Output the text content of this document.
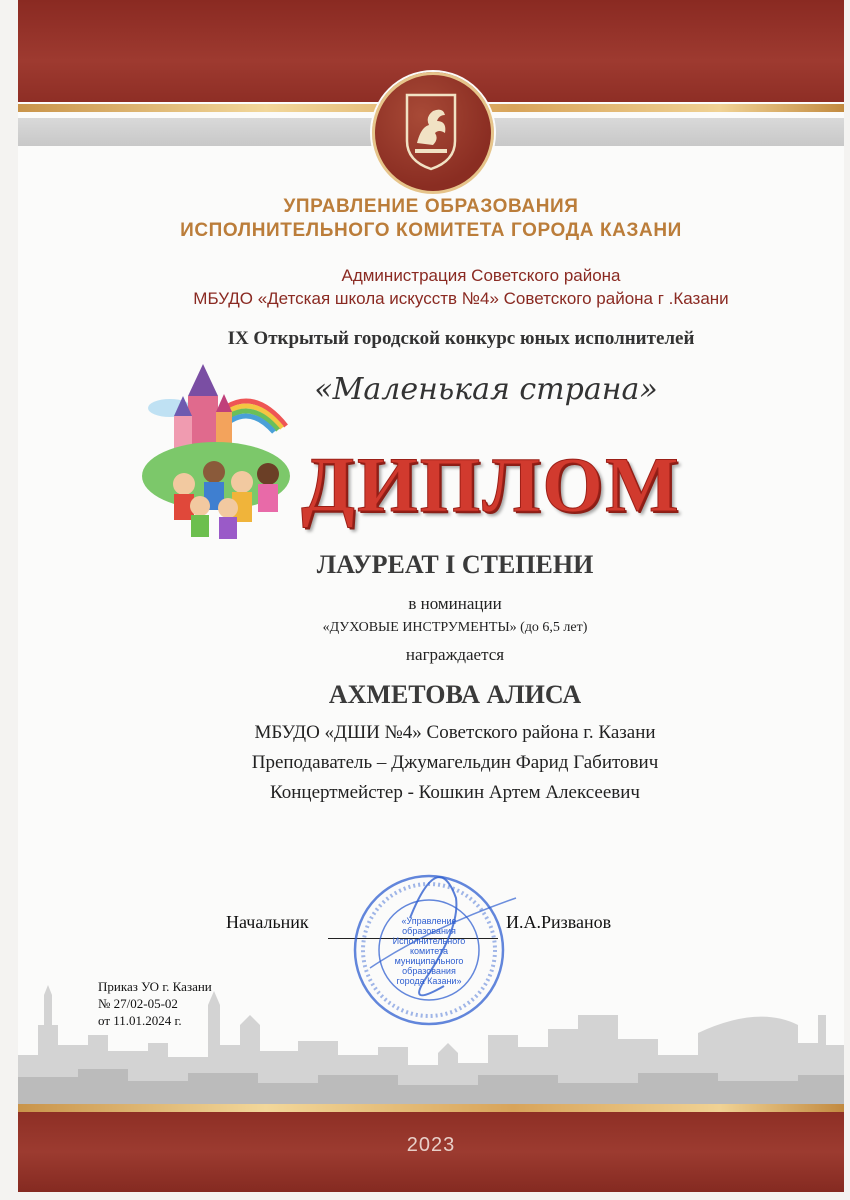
УПРАВЛЕНИЕ ОБРАЗОВАНИЯ
ИСПОЛНИТЕЛЬНОГО КОМИТЕТА ГОРОДА КАЗАНИ
Администрация Советского района
МБУДО «Детская школа искусств №4» Советского района г .Казани
IX Открытый городской конкурс юных исполнителей
«Маленькая страна»
ДИПЛОМ
ЛАУРЕАТ I СТЕПЕНИ
в номинации
«ДУХОВЫЕ ИНСТРУМЕНТЫ» (до 6,5 лет)
награждается
АХМЕТОВА АЛИСА
МБУДО «ДШИ №4» Советского района г. Казани
Преподаватель – Джумагельдин Фарид Габитович
Концертмейстер - Кошкин Артем Алексеевич
Начальник	И.А.Ризванов
«Управление
образования
Исполнительного
комитета
муниципального
образования
города Казани»
Приказ УО г. Казани
№ 27/02-05-02
от 11.01.2024 г.
2023
